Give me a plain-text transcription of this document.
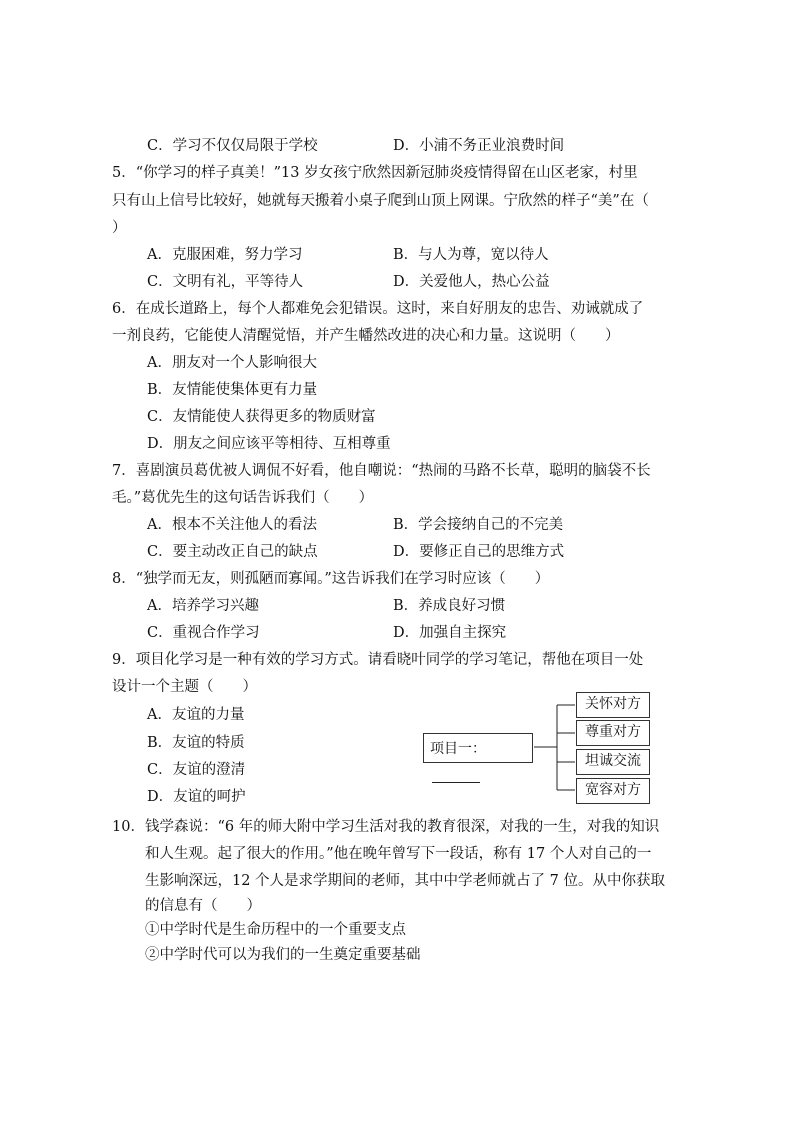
C．学习不仅仅局限于学校	D．小浦不务正业浪费时间
5．“你学习的样子真美！”13 岁女孩宁欣然因新冠肺炎疫情得留在山区老家，村里
只有山上信号比较好，她就每天搬着小桌子爬到山顶上网课。宁欣然的样子“美”在（
）
A．克服困难，努力学习	B．与人为尊，宽以待人
C．文明有礼，平等待人	D．关爱他人，热心公益
6．在成长道路上，每个人都难免会犯错误。这时，来自好朋友的忠告、劝诫就成了
一剂良药，它能使人清醒觉悟，并产生幡然改进的决心和力量。这说明（　　）
A．朋友对一个人影响很大
B．友情能使集体更有力量
C．友情能使人获得更多的物质财富
D．朋友之间应该平等相待、互相尊重
7．喜剧演员葛优被人调侃不好看，他自嘲说：“热闹的马路不长草，聪明的脑袋不长
毛。”葛优先生的这句话告诉我们（　　）
A．根本不关注他人的看法	B．学会接纳自己的不完美
C．要主动改正自己的缺点	D．要修正自己的思维方式
8．“独学而无友，则孤陋而寡闻。”这告诉我们在学习时应该（　　）
A．培养学习兴趣	B．养成良好习惯
C．重视合作学习	D．加强自主探究
9．项目化学习是一种有效的学习方式。请看晓叶同学的学习笔记，帮他在项目一处
设计一个主题（　　）
A．友谊的力量
B．友谊的特质
C．友谊的澄清
D．友谊的呵护
项目一：
关怀对方
尊重对方
坦诚交流
宽容对方
10．钱学森说：“6 年的师大附中学习生活对我的教育很深，对我的一生，对我的知识
和人生观。起了很大的作用。”他在晚年曾写下一段话，称有 17 个人对自己的一
生影响深远，12 个人是求学期间的老师，其中中学老师就占了 7 位。从中你获取
的信息有（　　）
①中学时代是生命历程中的一个重要支点
②中学时代可以为我们的一生奠定重要基础
